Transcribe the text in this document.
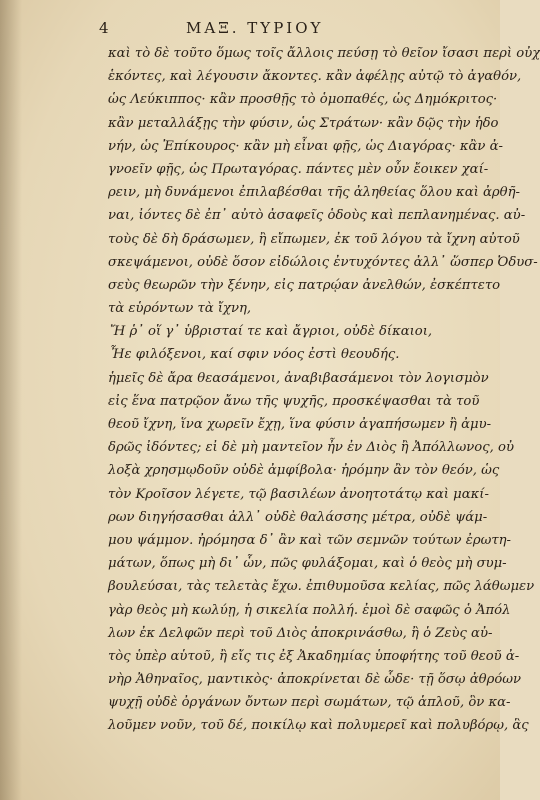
4	ΜΑΞ. ΤΥΡΙΟΥ
καὶ τὸ δὲ τοῦτο ὅμως τοῖς ἄλλοις πεύσῃ τὸ θεῖον ἴσασι περὶ οὐχ
ἑκόντες, καὶ λέγουσιν ἄκοντες. κἂν ἀφέλῃς αὐτῷ τὸ ἀγαθόν,
ὡς Λεύκιππος· κἂν προσθῇς τὸ ὁμοπαθές, ὡς Δημόκριτος·
κἂν μεταλλάξῃς τὴν φύσιν, ὡς Στράτων· κἂν δῷς τὴν ἡδο
νήν, ὡς Ἐπίκουρος· κἂν μὴ εἶναι φῇς, ὡς Διαγόρας· κἂν ἀ-
γνοεῖν φῇς, ὡς Πρωταγόρας. πάντες μὲν οὖν ἔοικεν χαί-
ρειν, μὴ δυνάμενοι ἐπιλαβέσθαι τῆς ἀληθείας ὅλου καὶ ἀρθῆ-
ναι, ἰόντες δὲ ἐπ᾽ αὐτὸ ἀσαφεῖς ὁδοὺς καὶ πεπλανημένας. αὐ-
τοὺς δὲ δὴ δράσωμεν, ἢ εἴπωμεν, ἐκ τοῦ λόγου τὰ ἴχνη αὐτοῦ
σκεψάμενοι, οὐδὲ ὅσον εἰδώλοις ἐντυχόντες ἀλλ᾽ ὥσπερ Ὀδυσ-
σεὺς θεωρῶν τὴν ξένην, εἰς πατρῴαν ἀνελθών, ἐσκέπτετο
τὰ εὑρόντων τὰ ἴχνη,
Ἤ ῥ᾽ οἵ γ᾽ ὑβρισταί τε καὶ ἄγριοι, οὐδὲ δίκαιοι,
Ἦε φιλόξενοι, καί σφιν νόος ἐστὶ θεουδής.
ἡμεῖς δὲ ἄρα θεασάμενοι, ἀναβιβασάμενοι τὸν λογισμὸν
εἰς ἕνα πατρῷον ἄνω τῆς ψυχῆς, προσκέψασθαι τὰ τοῦ
θεοῦ ἴχνη, ἵνα χωρεῖν ἔχῃ, ἵνα φύσιν ἀγαπήσωμεν ἢ ἀμυ-
δρῶς ἰδόντες; εἰ δὲ μὴ μαντεῖον ἦν ἐν Διὸς ἢ Ἀπόλλωνος, οὐ
λοξὰ χρησμῳδοῦν οὐδὲ ἀμφίβολα· ἠρόμην ἂν τὸν θεόν, ὡς
τὸν Κροῖσον λέγετε, τῷ βασιλέων ἀνοητοτάτῳ καὶ μακί-
ρων διηγήσασθαι ἀλλ᾽ οὐδὲ θαλάσσης μέτρα, οὐδὲ ψάμ-
μου ψάμμον. ἠρόμησα δ᾽ ἂν καὶ τῶν σεμνῶν τούτων ἐρωτη-
μάτων, ὅπως μὴ δι᾽ ὧν, πῶς φυλάξομαι, καὶ ὁ θεὸς μὴ συμ-
βουλεύσαι, τὰς τελετὰς ἔχω. ἐπιθυμοῦσα κελίας, πῶς λάθωμεν
γὰρ θεὸς μὴ κωλύῃ, ἡ σικελία πολλή. ἐμοὶ δὲ σαφῶς ὁ Ἀπόλ
λων ἐκ Δελφῶν περὶ τοῦ Διὸς ἀποκρινάσθω, ἢ ὁ Ζεὺς αὐ-
τὸς ὑπὲρ αὑτοῦ, ἢ εἴς τις ἐξ Ἀκαδημίας ὑποφήτης τοῦ θεοῦ ἀ-
νὴρ Ἀθηναῖος, μαντικὸς· ἀποκρίνεται δὲ ὧδε· τῇ ὅσῳ ἀθρόων
ψυχῇ οὐδὲ ὀργάνων ὄντων περὶ σωμάτων, τῷ ἁπλοῦ, ὃν κα-
λοῦμεν νοῦν, τοῦ δέ, ποικίλῳ καὶ πολυμερεῖ καὶ πολυβόρῳ, ἃς
